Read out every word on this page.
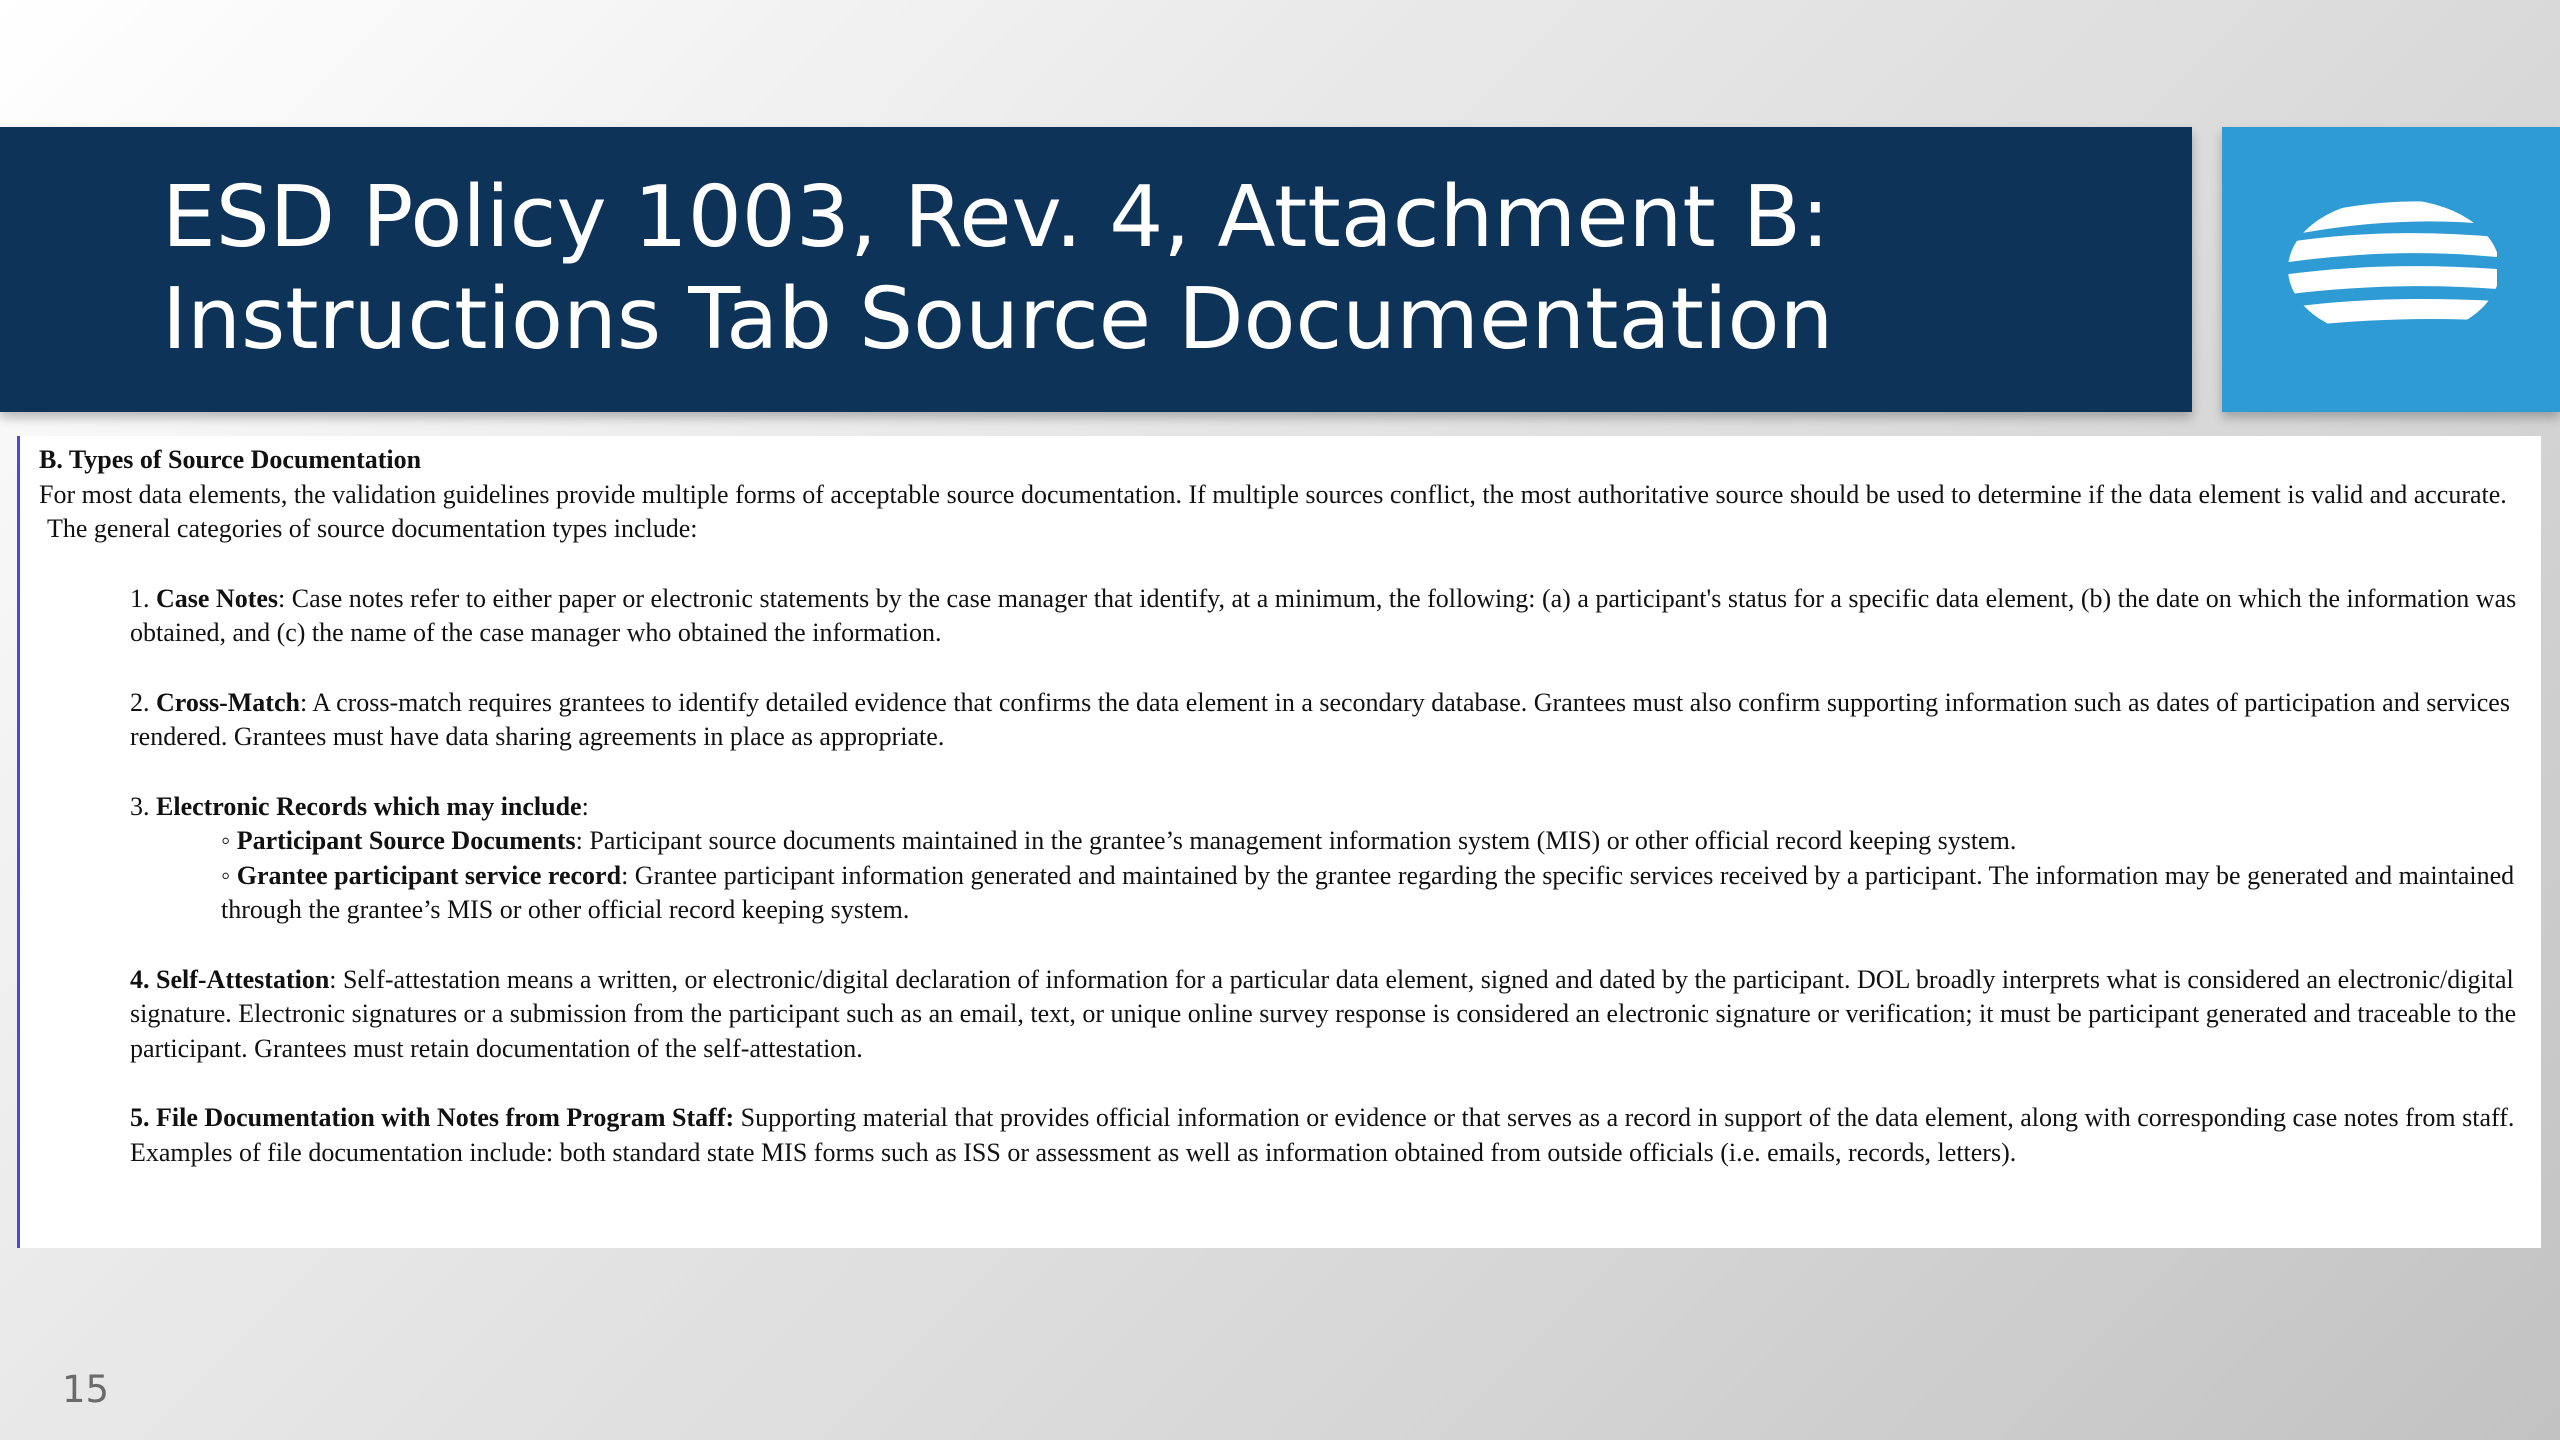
ESD Policy 1003, Rev. 4, Attachment B:
Instructions Tab Source Documentation

B. Types of Source Documentation

For most data elements, the validation guidelines provide multiple forms of acceptable source documentation. If multiple sources conflict, the most authoritative source should be used to determine if the data element is valid and accurate.

The general categories of source documentation types include:

1. Case Notes: Case notes refer to either paper or electronic statements by the case manager that identify, at a minimum, the following: (a) a participant's status for a specific data element, (b) the date on which the information was obtained, and (c) the name of the case manager who obtained the information.

2. Cross-Match: A cross-match requires grantees to identify detailed evidence that confirms the data element in a secondary database. Grantees must also confirm supporting information such as dates of participation and services rendered. Grantees must have data sharing agreements in place as appropriate.

3. Electronic Records which may include:

◦ Participant Source Documents: Participant source documents maintained in the grantee’s management information system (MIS) or other official record keeping system.

◦ Grantee participant service record: Grantee participant information generated and maintained by the grantee regarding the specific services received by a participant. The information may be generated and maintained through the grantee’s MIS or other official record keeping system.

4. Self-Attestation: Self-attestation means a written, or electronic/digital declaration of information for a particular data element, signed and dated by the participant. DOL broadly interprets what is considered an electronic/digital signature. Electronic signatures or a submission from the participant such as an email, text, or unique online survey response is considered an electronic signature or verification; it must be participant generated and traceable to the participant. Grantees must retain documentation of the self-attestation.

5. File Documentation with Notes from Program Staff: Supporting material that provides official information or evidence or that serves as a record in support of the data element, along with corresponding case notes from staff. Examples of file documentation include: both standard state MIS forms such as ISS or assessment as well as information obtained from outside officials (i.e. emails, records, letters).

15
